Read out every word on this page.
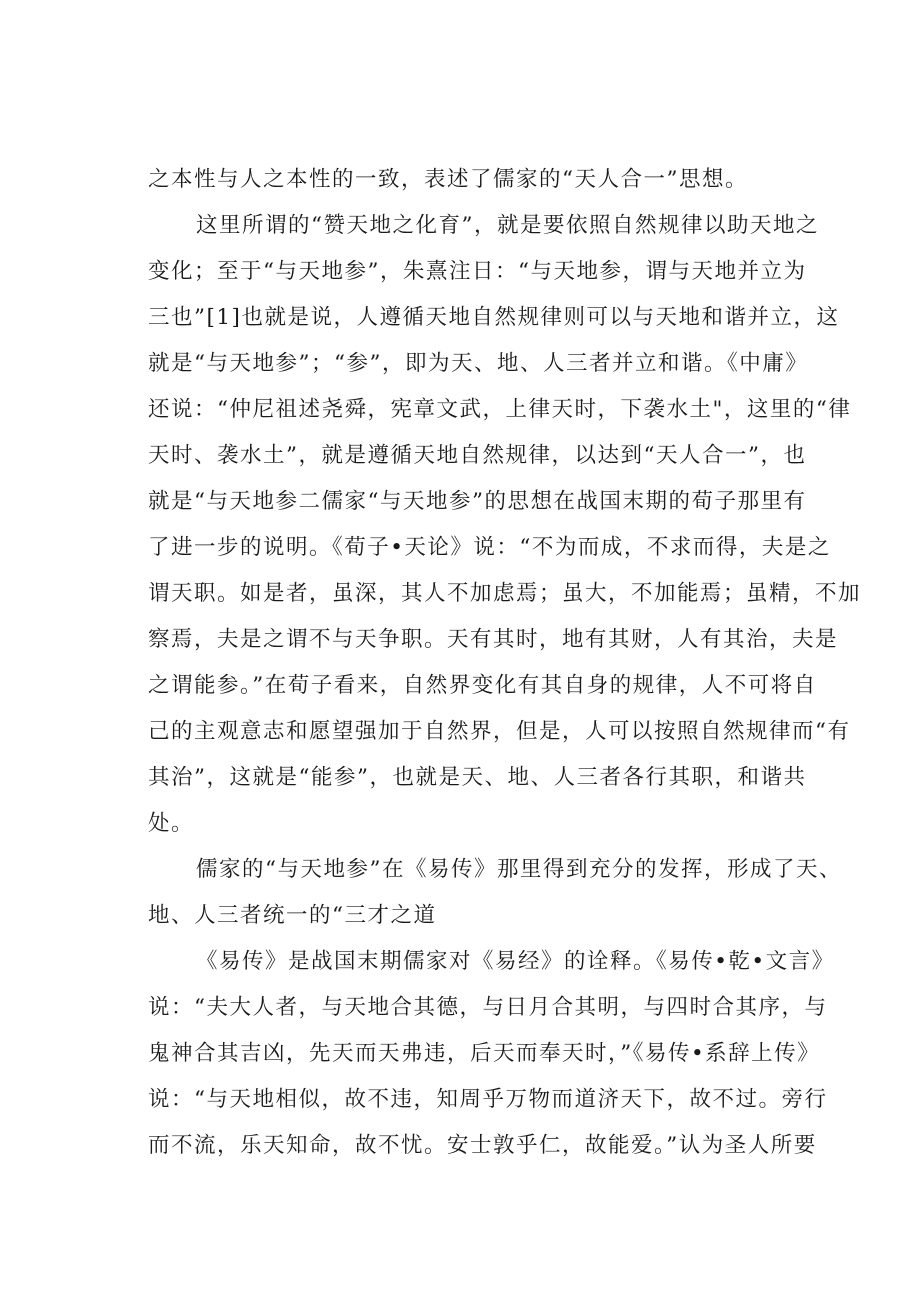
之本性与人之本性的一致，表述了儒家的“天人合一”思想。
这里所谓的“赞天地之化育”，就是要依照自然规律以助天地之
变化；至于“与天地参”，朱熹注日：“与天地参，谓与天地并立为
三也”[1]也就是说，人遵循天地自然规律则可以与天地和谐并立，这
就是“与天地参”；“参”，即为天、地、人三者并立和谐。《中庸》
还说：“仲尼祖述尧舜，宪章文武，上律天时，下袭水土"，这里的“律
天时、袭水土”，就是遵循天地自然规律，以达到“天人合一”，也
就是“与天地参二儒家“与天地参”的思想在战国末期的荀子那里有
了进一步的说明。《荀子•天论》说：“不为而成，不求而得，夫是之
谓天职。如是者，虽深，其人不加虑焉；虽大，不加能焉；虽精，不加
察焉，夫是之谓不与天争职。天有其时，地有其财，人有其治，夫是
之谓能参。”在荀子看来，自然界变化有其自身的规律，人不可将自
己的主观意志和愿望强加于自然界，但是，人可以按照自然规律而“有
其治”，这就是“能参”，也就是天、地、人三者各行其职，和谐共
处。
儒家的“与天地参”在《易传》那里得到充分的发挥，形成了天、
地、人三者统一的“三才之道
《易传》是战国末期儒家对《易经》的诠释。《易传•乾•文言》
说：“夫大人者，与天地合其德，与日月合其明，与四时合其序，与
鬼神合其吉凶，先天而天弗违，后天而奉天时，”《易传•系辞上传》
说：“与天地相似，故不违，知周乎万物而道济天下，故不过。旁行
而不流，乐天知命，故不忧。安士敦乎仁，故能爱。”认为圣人所要
